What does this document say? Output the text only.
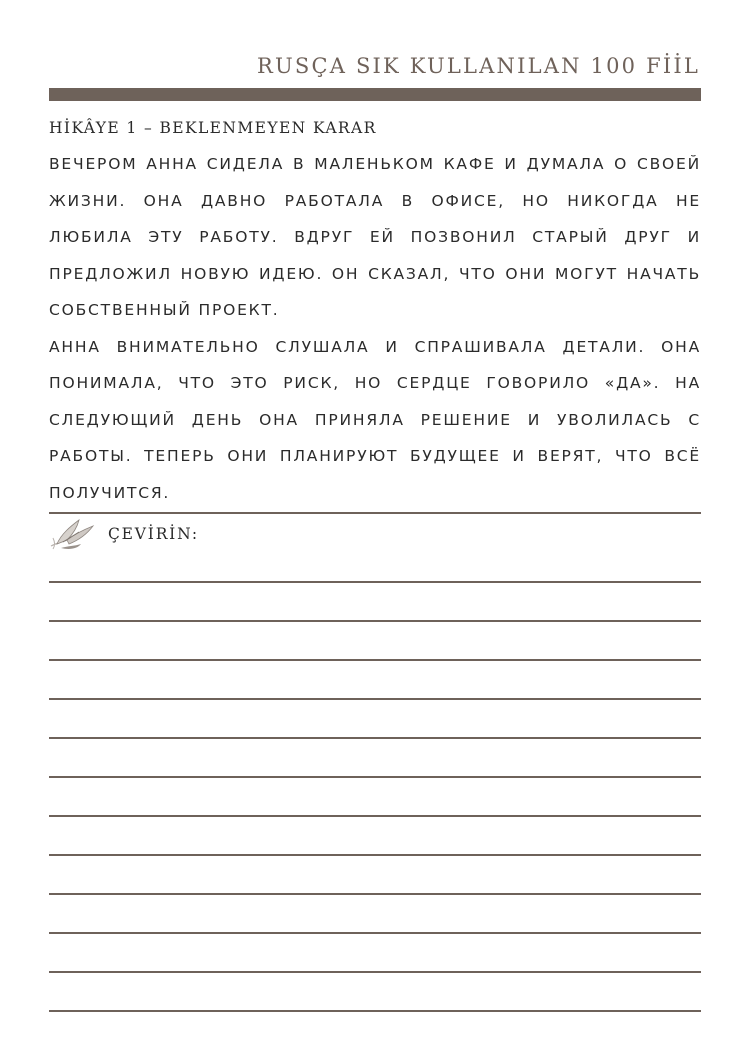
RUSÇA SIK KULLANILAN 100 FİİL
HİKÂYE 1 – BEKLENMEYEN KARAR

ВЕЧЕРОМ АННА СИДЕЛА В МАЛЕНЬКОМ КАФЕ И ДУМАЛА О СВОЕЙ ЖИЗНИ. ОНА ДАВНО РАБОТАЛА В ОФИСЕ, НО НИКОГДА НЕ ЛЮБИЛА ЭТУ РАБОТУ. ВДРУГ ЕЙ ПОЗВОНИЛ СТАРЫЙ ДРУГ И ПРЕДЛОЖИЛ НОВУЮ ИДЕЮ. ОН СКАЗАЛ, ЧТО ОНИ МОГУТ НАЧАТЬ СОБСТВЕННЫЙ ПРОЕКТ.

АННА ВНИМАТЕЛЬНО СЛУШАЛА И СПРАШИВАЛА ДЕТАЛИ. ОНА ПОНИМАЛА, ЧТО ЭТО РИСК, НО СЕРДЦЕ ГОВОРИЛО «ДА». НА СЛЕДУЮЩИЙ ДЕНЬ ОНА ПРИНЯЛА РЕШЕНИЕ И УВОЛИЛАСЬ С РАБОТЫ. ТЕПЕРЬ ОНИ ПЛАНИРУЮТ БУДУЩЕЕ И ВЕРЯТ, ЧТО ВСЁ ПОЛУЧИТСЯ.

ÇEVİRİN:
